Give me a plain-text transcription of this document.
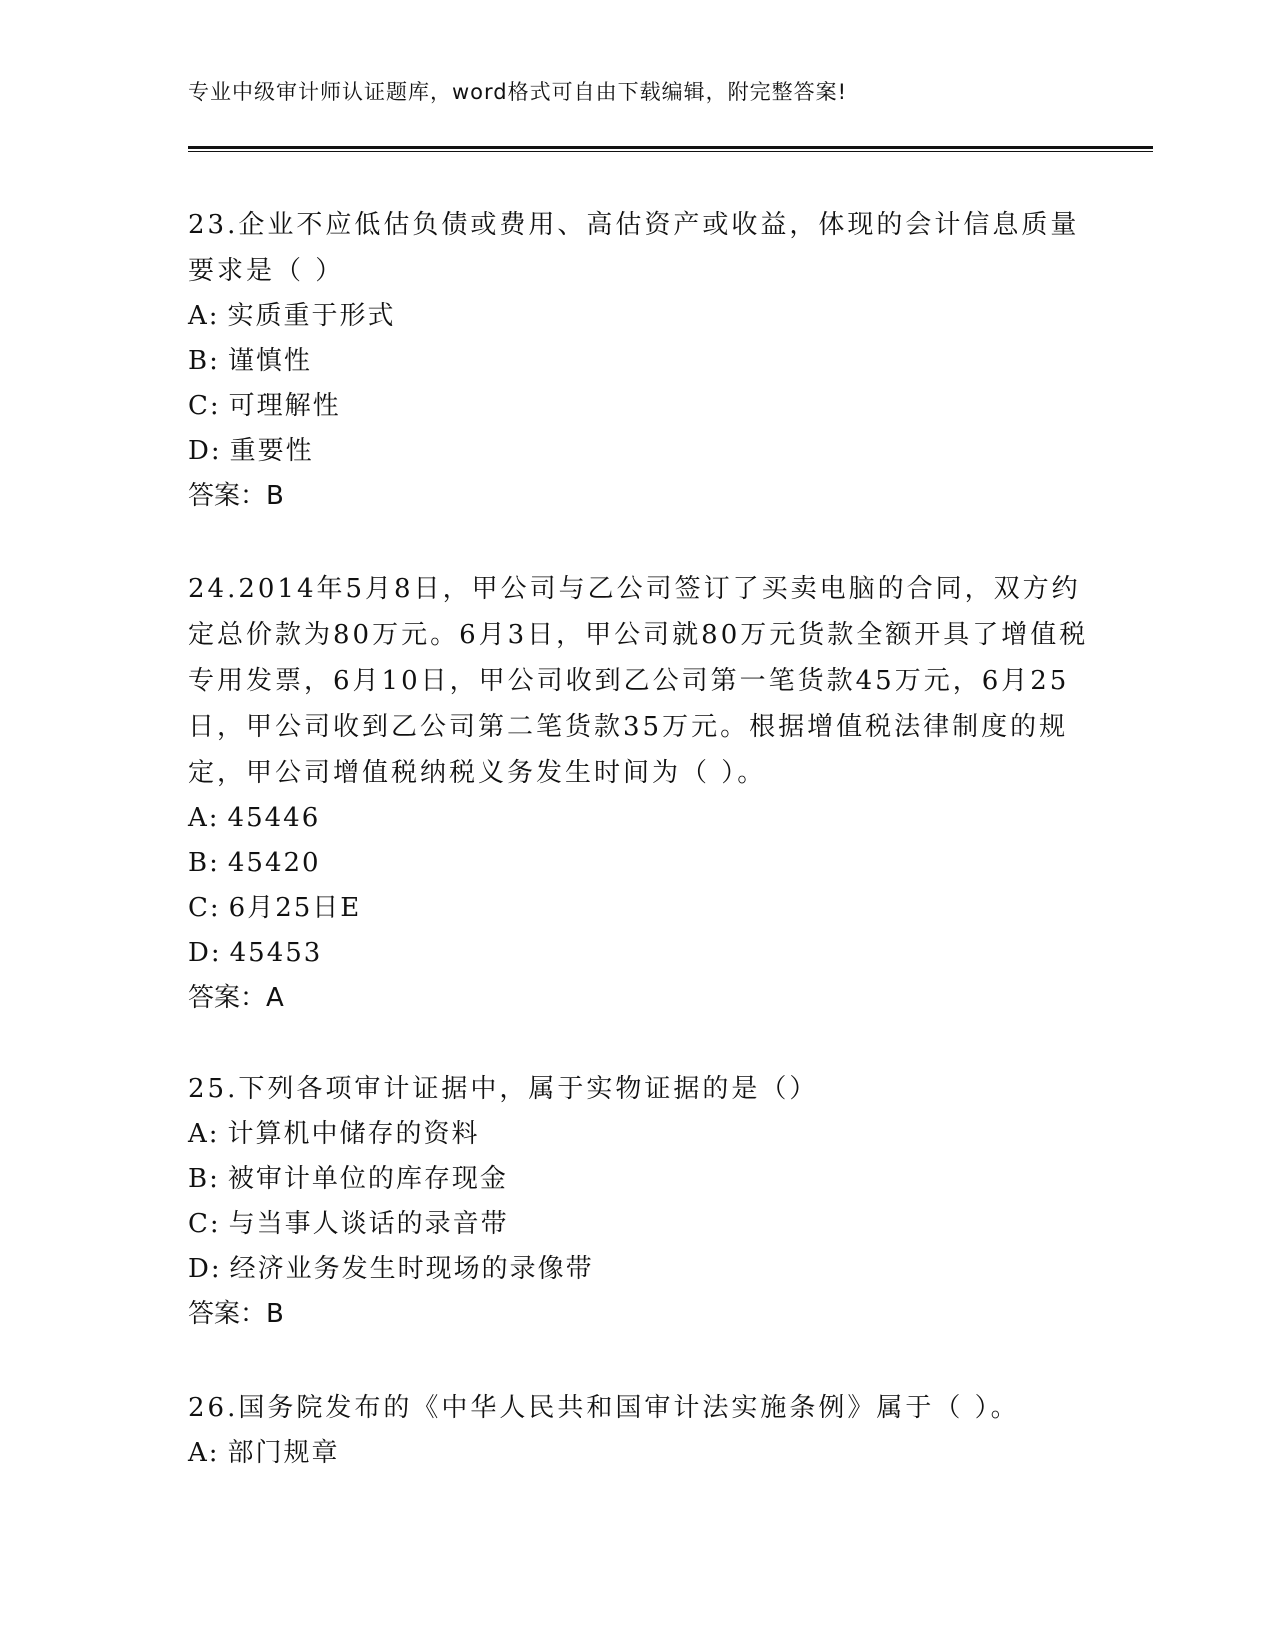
专业中级审计师认证题库，word格式可自由下载编辑，附完整答案!
23.企业不应低估负债或费用、高估资产或收益，体现的会计信息质量要求是（ ）
A: 实质重于形式
B: 谨慎性
C: 可理解性
D: 重要性
答案：B
24.2014年5月8日，甲公司与乙公司签订了买卖电脑的合同，双方约定总价款为80万元。6月3日，甲公司就80万元货款全额开具了增值税专用发票，6月10日，甲公司收到乙公司第一笔货款45万元，6月25日，甲公司收到乙公司第二笔货款35万元。根据增值税法律制度的规定，甲公司增值税纳税义务发生时间为（ ）。
A: 45446
B: 45420
C: 6月25日E
D: 45453
答案：A
25.下列各项审计证据中，属于实物证据的是（）
A: 计算机中储存的资料
B: 被审计单位的库存现金
C: 与当事人谈话的录音带
D: 经济业务发生时现场的录像带
答案：B
26.国务院发布的《中华人民共和国审计法实施条例》属于（ ）。
A: 部门规章
